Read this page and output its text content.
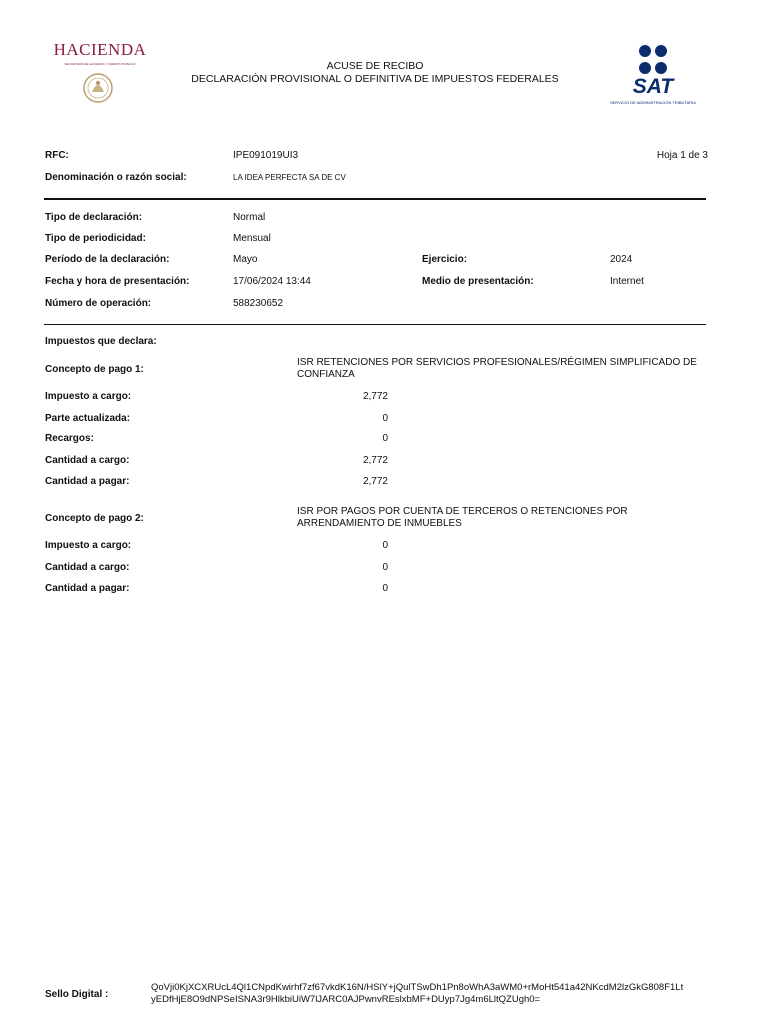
HACIENDA
SECRETARÍA DE HACIENDA Y CRÉDITO PÚBLICO	ACUSE DE RECIBO
DECLARACIÓN PROVISIONAL O DEFINITIVA DE IMPUESTOS FEDERALES	SAT
SERVICIO DE ADMINISTRACIÓN TRIBUTARIA
RFC:	IPE091019UI3	Hoja 1 de 3
Denominación o razón social:	LA IDEA PERFECTA SA DE CV
Tipo de declaración:	Normal
Tipo de periodicidad:	Mensual
Período de la declaración:	Mayo	Ejercicio:	2024
Fecha y hora de presentación:	17/06/2024 13:44	Medio de presentación:	Internet
Número de operación:	588230652
Impuestos que declara:
Concepto de pago 1:
ISR RETENCIONES POR SERVICIOS PROFESIONALES/RÉGIMEN SIMPLIFICADO DE
CONFIANZA
Impuesto a cargo:	2,772
Parte actualizada:	0
Recargos:	0
Cantidad a cargo:	2,772
Cantidad a pagar:	2,772
Concepto de pago 2:
ISR POR PAGOS POR CUENTA DE TERCEROS O RETENCIONES POR
ARRENDAMIENTO DE INMUEBLES
Impuesto a cargo:	0
Cantidad a cargo:	0
Cantidad a pagar:	0
Sello Digital :
QoVji0KjXCXRUcL4Ql1CNpdKwirhf7zf67vkdK16N/HSlY+jQulTSwDh1Pn8oWhA3aWM0+rMoHt541a42NKcdM2lzGkG808F1Lt
yEDfHjE8O9dNPSeISNA3r9HlkbiUiW7lJARC0AJPwnvREslxbMF+DUyp7Jg4m6LltQZUgh0=
